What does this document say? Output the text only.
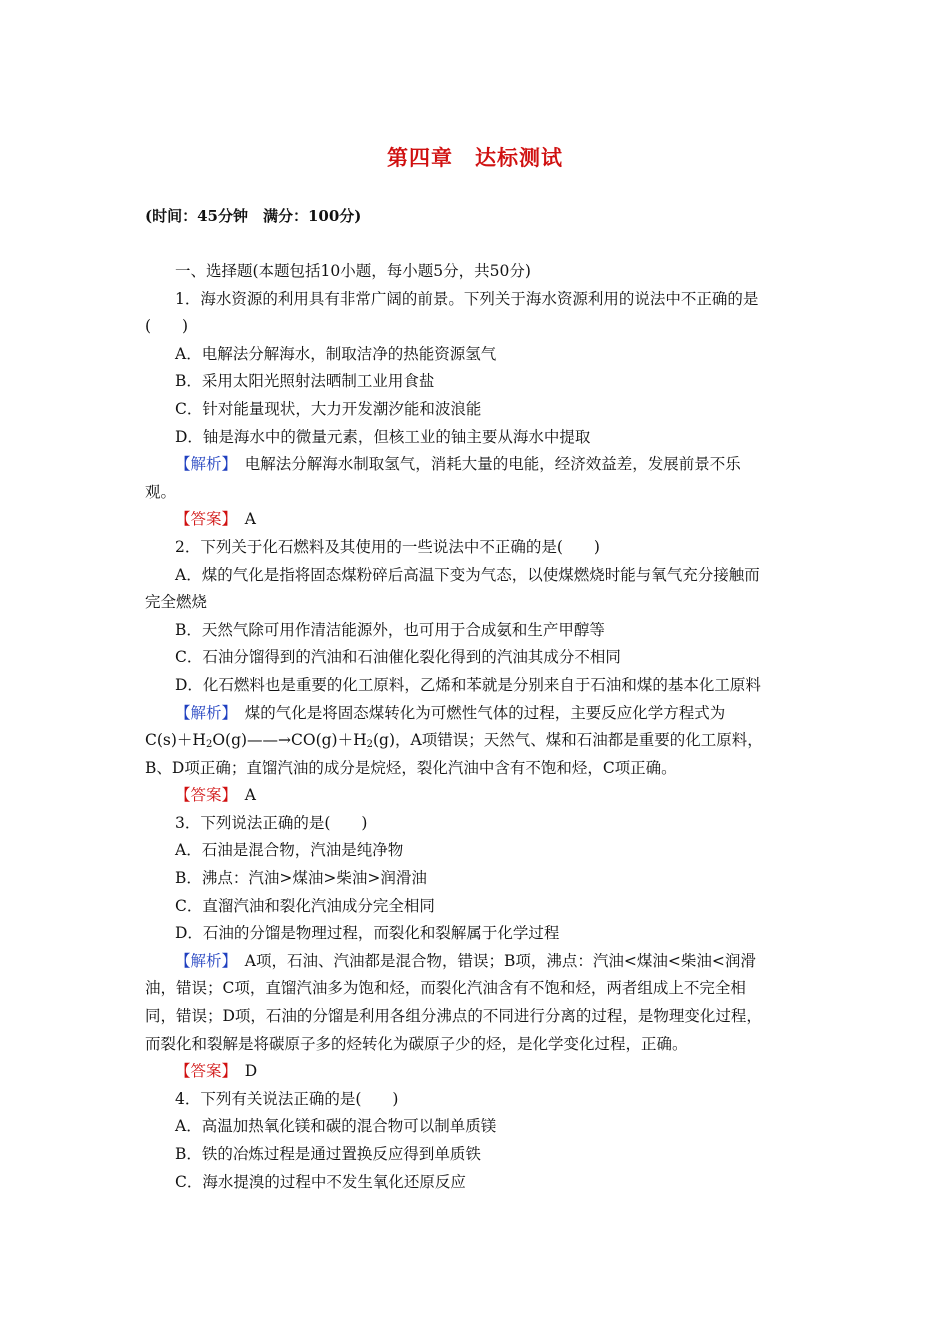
第四章　达标测试
(时间：45分钟　满分：100分)

一、选择题(本题包括10小题，每小题5分，共50分)

1．海水资源的利用具有非常广阔的前景。下列关于海水资源利用的说法中不正确的是

(　　)

A．电解法分解海水，制取洁净的热能资源氢气

B．采用太阳光照射法晒制工业用食盐

C．针对能量现状，大力开发潮汐能和波浪能

D．铀是海水中的微量元素，但核工业的铀主要从海水中提取

【解析】　电解法分解海水制取氢气，消耗大量的电能，经济效益差，发展前景不乐

观。

【答案】　A

2．下列关于化石燃料及其使用的一些说法中不正确的是(　　)

A．煤的气化是指将固态煤粉碎后高温下变为气态，以使煤燃烧时能与氧气充分接触而

完全燃烧

B．天然气除可用作清洁能源外，也可用于合成氨和生产甲醇等

C．石油分馏得到的汽油和石油催化裂化得到的汽油其成分不相同

D．化石燃料也是重要的化工原料，乙烯和苯就是分别来自于石油和煤的基本化工原料

【解析】　煤的气化是将固态煤转化为可燃性气体的过程，主要反应化学方程式为

$C(s)+H_2O(g)——\to CO(g)+H_2(g)$，A项错误；天然气、煤和石油都是重要的化工原料，

B、D项正确；直馏汽油的成分是烷烃，裂化汽油中含有不饱和烃，C项正确。

【答案】　A

3．下列说法正确的是(　　)

A．石油是混合物，汽油是纯净物

B．沸点：汽油>煤油>柴油>润滑油

C．直溜汽油和裂化汽油成分完全相同

D．石油的分馏是物理过程，而裂化和裂解属于化学过程

【解析】　A项，石油、汽油都是混合物，错误；B项，沸点：汽油<煤油<柴油<润滑

油，错误；C项，直馏汽油多为饱和烃，而裂化汽油含有不饱和烃，两者组成上不完全相

同，错误；D项，石油的分馏是利用各组分沸点的不同进行分离的过程，是物理变化过程，

而裂化和裂解是将碳原子多的烃转化为碳原子少的烃，是化学变化过程，正确。

【答案】　D

4．下列有关说法正确的是(　　)

A．高温加热氧化镁和碳的混合物可以制单质镁

B．铁的冶炼过程是通过置换反应得到单质铁

C．海水提溴的过程中不发生氧化还原反应
